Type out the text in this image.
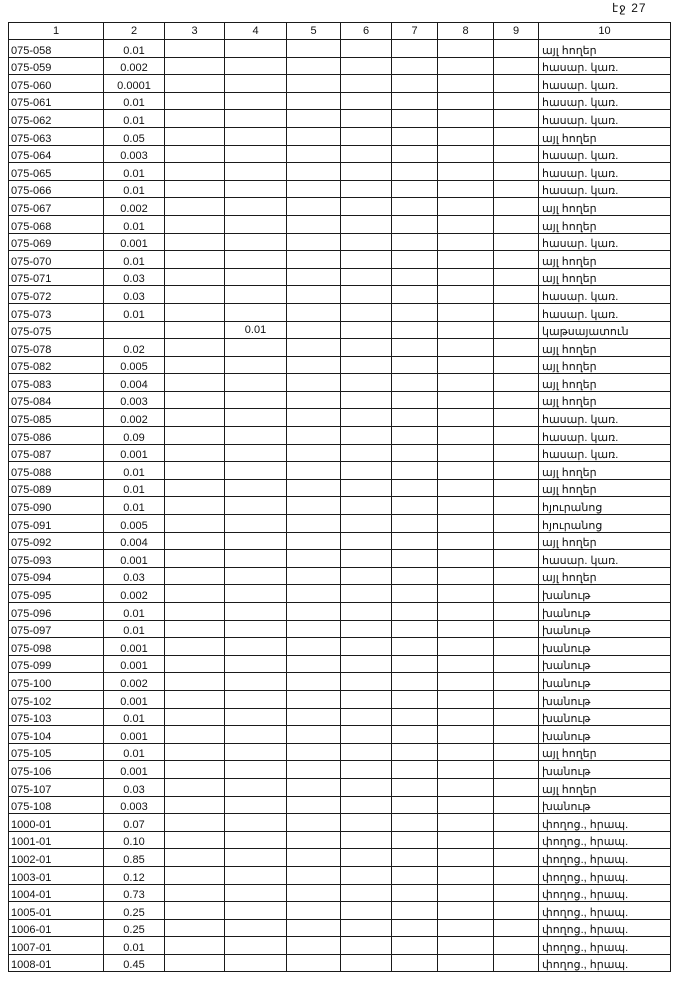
էջ 27
1	2	3	4	5	6	7	8	9	10
075-058	0.01								այլ հողեր
075-059	0.002								հասար. կառ.
075-060	0.0001								հասար. կառ.
075-061	0.01								հասար. կառ.
075-062	0.01								հասար. կառ.
075-063	0.05								այլ հողեր
075-064	0.003								հասար. կառ.
075-065	0.01								հասար. կառ.
075-066	0.01								հասար. կառ.
075-067	0.002								այլ հողեր
075-068	0.01								այլ հողեր
075-069	0.001								հասար. կառ.
075-070	0.01								այլ հողեր
075-071	0.03								այլ հողեր
075-072	0.03								հասար. կառ.
075-073	0.01								հասար. կառ.
075-075			0.01						կաթսայատուն
075-078	0.02								այլ հողեր
075-082	0.005								այլ հողեր
075-083	0.004								այլ հողեր
075-084	0.003								այլ հողեր
075-085	0.002								հասար. կառ.
075-086	0.09								հասար. կառ.
075-087	0.001								հասար. կառ.
075-088	0.01								այլ հողեր
075-089	0.01								այլ հողեր
075-090	0.01								հյուրանոց
075-091	0.005								հյուրանոց
075-092	0.004								այլ հողեր
075-093	0.001								հասար. կառ.
075-094	0.03								այլ հողեր
075-095	0.002								խանութ
075-096	0.01								խանութ
075-097	0.01								խանութ
075-098	0.001								խանութ
075-099	0.001								խանութ
075-100	0.002								խանութ
075-102	0.001								խանութ
075-103	0.01								խանութ
075-104	0.001								խանութ
075-105	0.01								այլ հողեր
075-106	0.001								խանութ
075-107	0.03								այլ հողեր
075-108	0.003								խանութ
1000-01	0.07								փողոց., հրապ.
1001-01	0.10								փողոց., հրապ.
1002-01	0.85								փողոց., հրապ.
1003-01	0.12								փողոց., հրապ.
1004-01	0.73								փողոց., հրապ.
1005-01	0.25								փողոց., հրապ.
1006-01	0.25								փողոց., հրապ.
1007-01	0.01								փողոց., հրապ.
1008-01	0.45								փողոց., հրապ.
